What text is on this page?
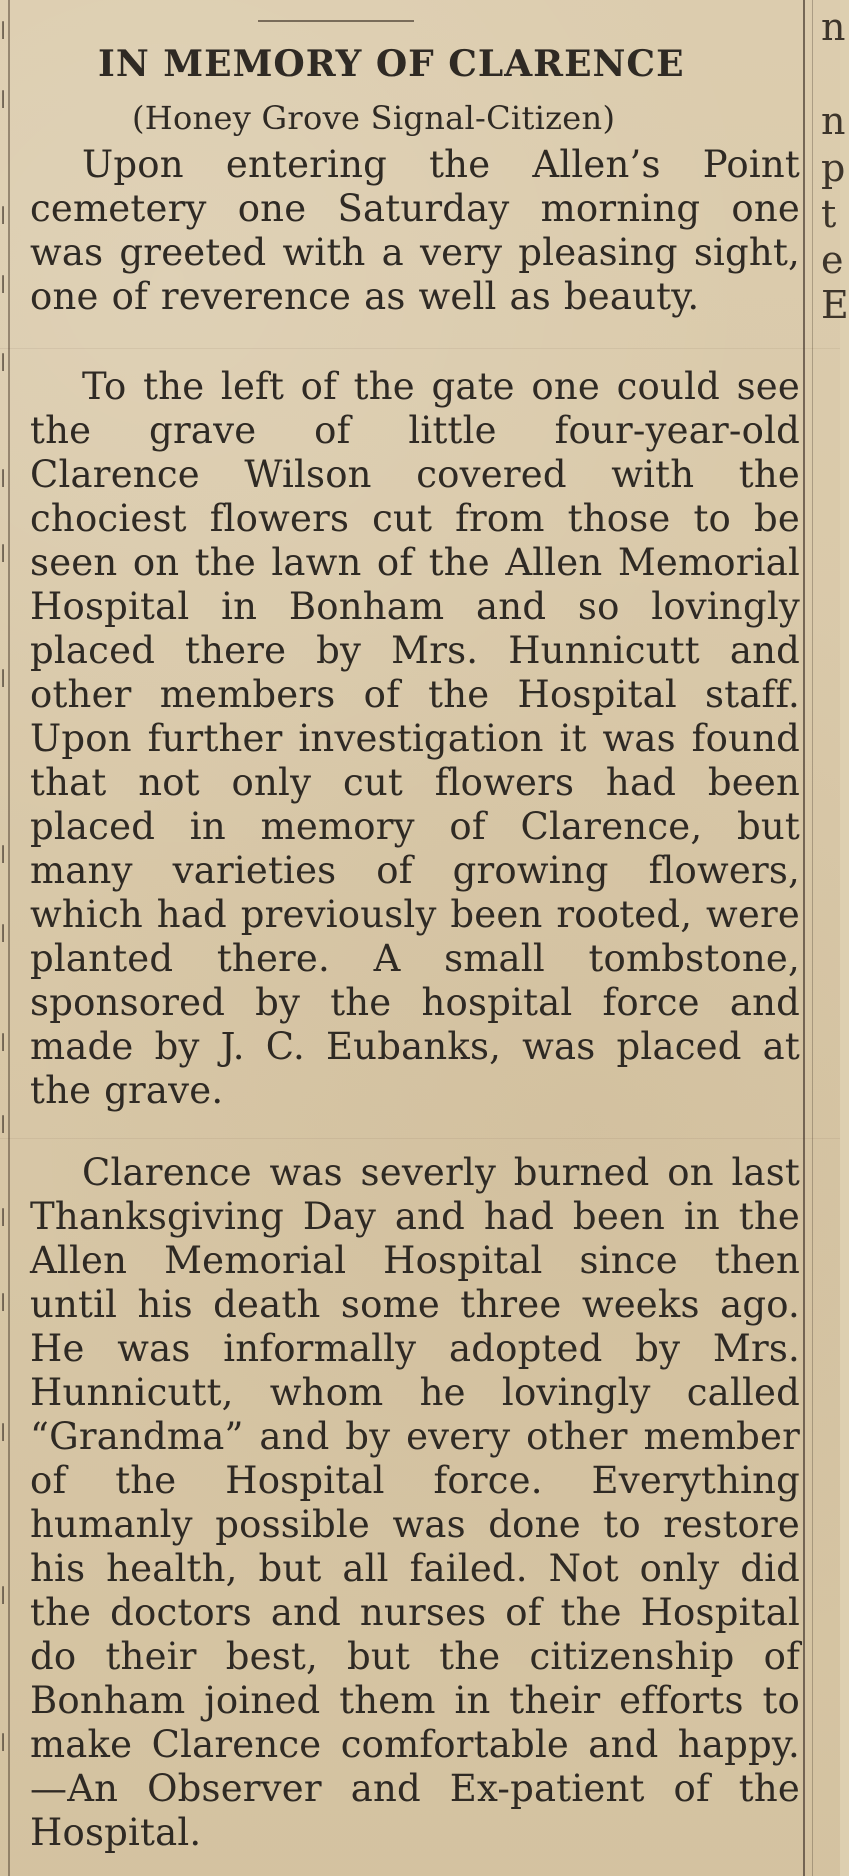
|
|
|
|
|
|
|
|
|
|
|
|
|
|
|
|
|
n
n
p
t
e
E
IN MEMORY OF CLARENCE
(Honey Grove Signal-Citizen)
Upon entering the Allen’s Point cemetery one Saturday morning one was greeted with a very pleasing sight, one of reverence as well as beauty.
To the left of the gate one could see the grave of little four-year-old Clarence Wilson covered with the chociest flowers cut from those to be seen on the lawn of the Allen Memorial Hospital in Bonham and so lovingly placed there by Mrs. Hunnicutt and other members of the Hospital staff. Upon further investigation it was found that not only cut flowers had been placed in memory of Clarence, but many varieties of growing flowers, which had previously been rooted, were planted there. A small tombstone, sponsored by the hospital force and made by J. C. Eubanks, was placed at the grave.
Clarence was severly burned on last Thanksgiving Day and had been in the Allen Memorial Hospital since then until his death some three weeks ago. He was informally adopted by Mrs. Hunnicutt, whom he lovingly called “Grandma” and by every other member of the Hospital force. Everything humanly possible was done to restore his health, but all failed. Not only did the doctors and nurses of the Hospital do their best, but the citizenship of Bonham joined them in their efforts to make Clarence comfortable and happy.—An Observer and Ex-patient of the Hospital.
